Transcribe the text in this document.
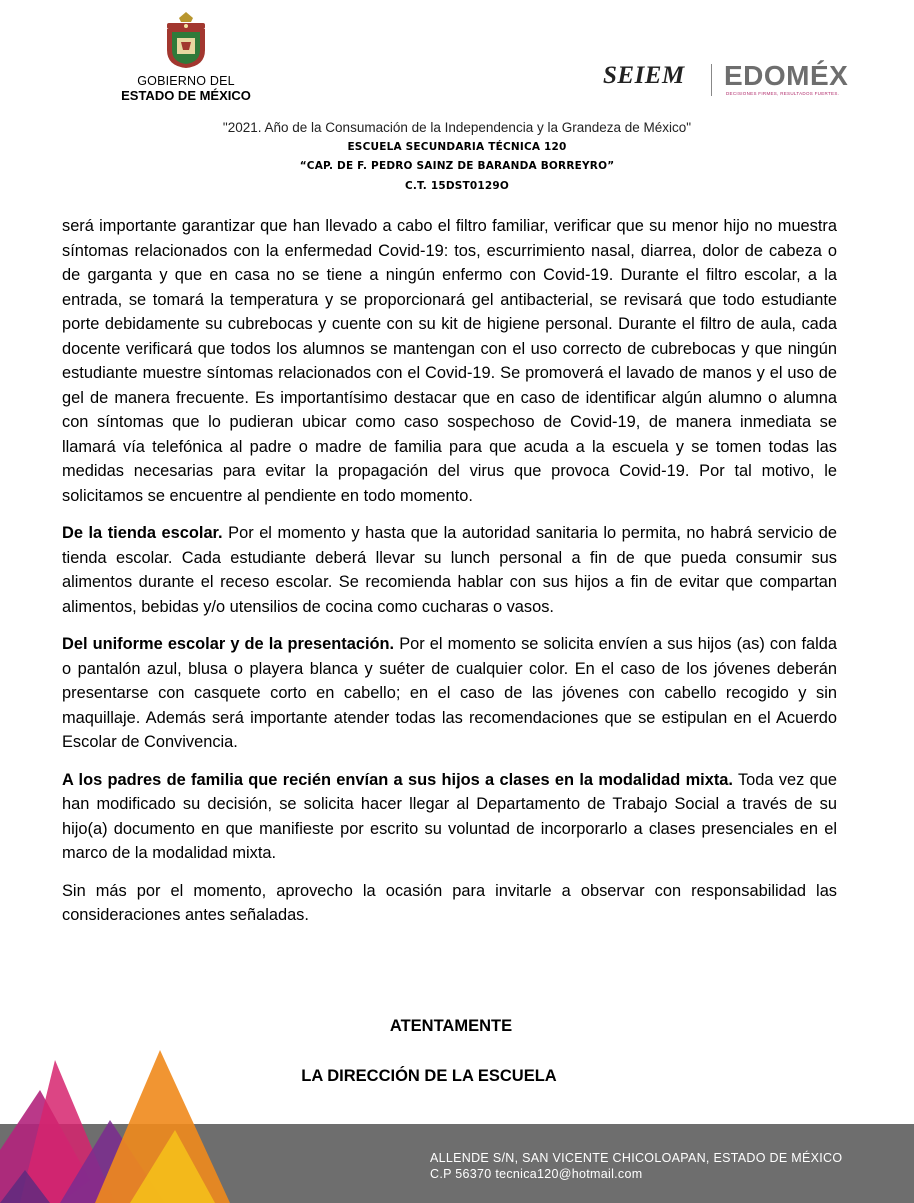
GOBIERNO DEL
ESTADO DE MÉXICO
SEIEM EDOMÉX
DECISIONES FIRMES, RESULTADOS FUERTES.
"2021. Año de la Consumación de la Independencia y la Grandeza de México"
ESCUELA SECUNDARIA TÉCNICA 120
“CAP. DE F. PEDRO SAINZ DE BARANDA BORREYRO”
C.T. 15DST0129O

será importante garantizar que han llevado a cabo el filtro familiar, verificar que su menor hijo no muestra síntomas relacionados con la enfermedad Covid-19: tos, escurrimiento nasal, diarrea, dolor de cabeza o de garganta y que en casa no se tiene a ningún enfermo con Covid-19. Durante el filtro escolar, a la entrada, se tomará la temperatura y se proporcionará gel antibacterial, se revisará que todo estudiante porte debidamente su cubrebocas y cuente con su kit de higiene personal. Durante el filtro de aula, cada docente verificará que todos los alumnos se mantengan con el uso correcto de cubrebocas y que ningún estudiante muestre síntomas relacionados con el Covid-19. Se promoverá el lavado de manos y el uso de gel de manera frecuente. Es importantísimo destacar que en caso de identificar algún alumno o alumna con síntomas que lo pudieran ubicar como caso sospechoso de Covid-19, de manera inmediata se llamará vía telefónica al padre o madre de familia para que acuda a la escuela y se tomen todas las medidas necesarias para evitar la propagación del virus que provoca Covid-19. Por tal motivo, le solicitamos se encuentre al pendiente en todo momento.

De la tienda escolar. Por el momento y hasta que la autoridad sanitaria lo permita, no habrá servicio de tienda escolar. Cada estudiante deberá llevar su lunch personal a fin de que pueda consumir sus alimentos durante el receso escolar. Se recomienda hablar con sus hijos a fin de evitar que compartan alimentos, bebidas y/o utensilios de cocina como cucharas o vasos.

Del uniforme escolar y de la presentación. Por el momento se solicita envíen a sus hijos (as) con falda o pantalón azul, blusa o playera blanca y suéter de cualquier color. En el caso de los jóvenes deberán presentarse con casquete corto en cabello; en el caso de las jóvenes con cabello recogido y sin maquillaje. Además será importante atender todas las recomendaciones que se estipulan en el Acuerdo Escolar de Convivencia.

A los padres de familia que recién envían a sus hijos a clases en la modalidad mixta. Toda vez que han modificado su decisión, se solicita hacer llegar al Departamento de Trabajo Social a través de su hijo(a) documento en que manifieste por escrito su voluntad de incorporarlo a clases presenciales en el marco de la modalidad mixta.

Sin más por el momento, aprovecho la ocasión para invitarle a observar con responsabilidad las consideraciones antes señaladas.

ATENTAMENTE
LA DIRECCIÓN DE LA ESCUELA
ALLENDE S/N, SAN VICENTE CHICOLOAPAN, ESTADO DE MÉXICO
C.P 56370 tecnica120@hotmail.com
